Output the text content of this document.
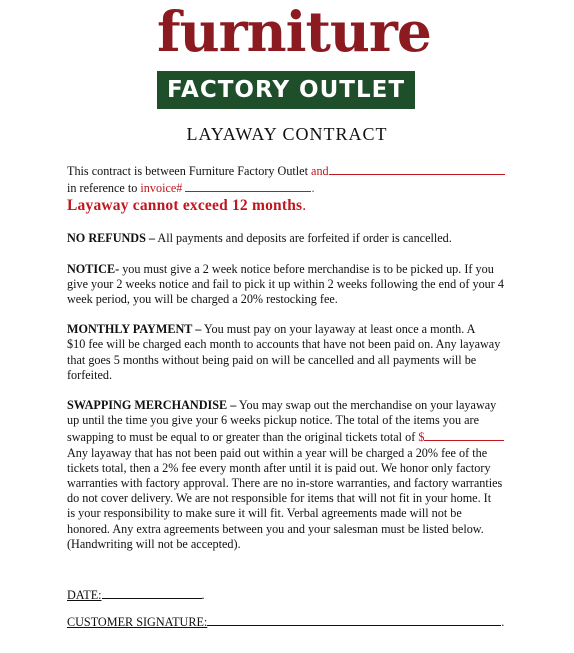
furniture
FACTORY OUTLET
LAYAWAY CONTRACT
This contract is between Furniture Factory Outlet and
in reference to invoice#	.
Layaway cannot exceed 12 months.
NO REFUNDS – All payments and deposits are forfeited if order is cancelled.
NOTICE- you must give a 2 week notice before merchandise is to be picked up. If you
give your 2 weeks notice and fail to pick it up within 2 weeks following the end of your 4
week period, you will be charged a 20% restocking fee.
MONTHLY PAYMENT – You must pay on your layaway at least once a month. A
$10 fee will be charged each month to accounts that have not been paid on. Any layaway
that goes 5 months without being paid on will be cancelled and all payments will be
forfeited.
SWAPPING MERCHANDISE – You may swap out the merchandise on your layaway
up until the time you give your 6 weeks pickup notice. The total of the items you are
swapping to must be equal to or greater than the original tickets total of $
Any layaway that has not been paid out within a year will be charged a 20% fee of the
tickets total, then a 2% fee every month after until it is paid out. We honor only factory
warranties with factory approval. There are no in-store warranties, and factory warranties
do not cover delivery. We are not responsible for items that will not fit in your home. It
is your responsibility to make sure it will fit. Verbal agreements made will not be
honored. Any extra agreements between you and your salesman must be listed below.
(Handwriting will not be accepted).
DATE:	.
CUSTOMER SIGNATURE:	.
